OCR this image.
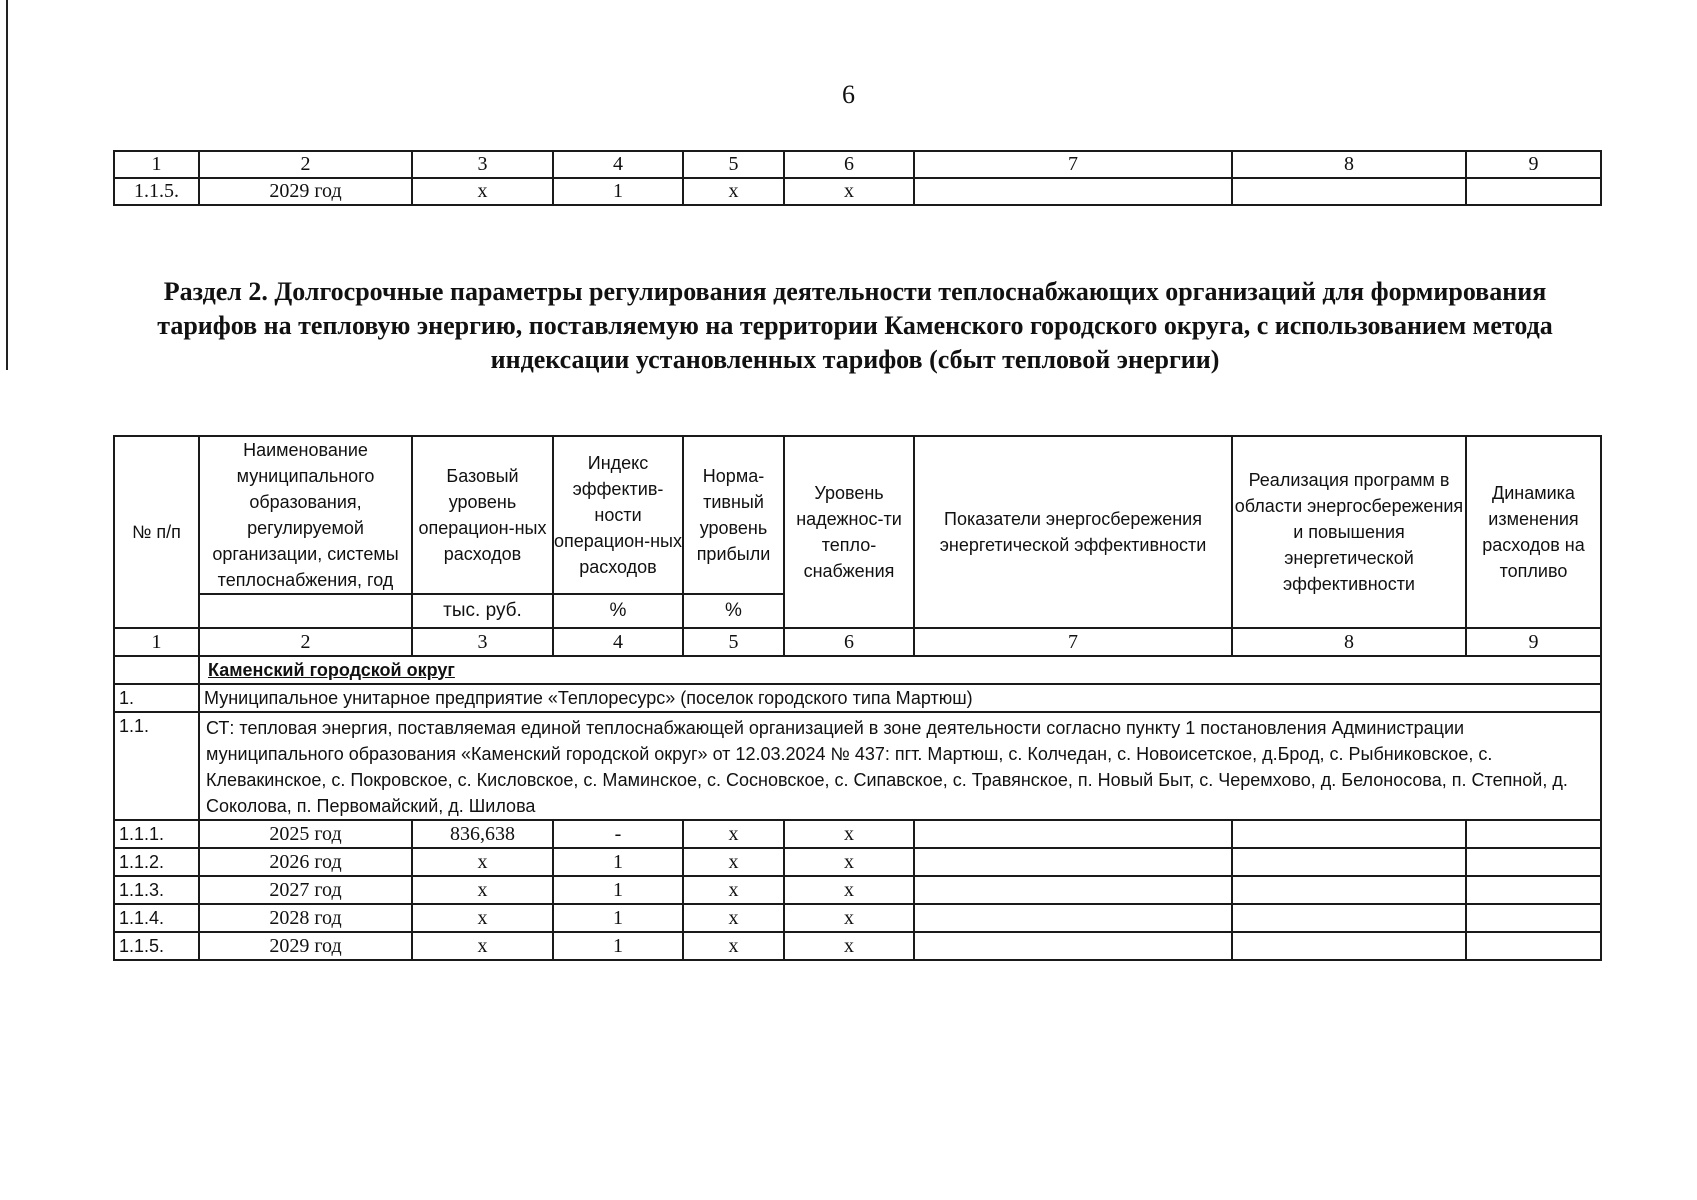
6
1	2	3	4	5	6	7	8	9
1.1.5.	2029 год	x	1	x	x			
Раздел 2. Долгосрочные параметры регулирования деятельности теплоснабжающих организаций для формирования тарифов на тепловую энергию, поставляемую на территории Каменского городского округа, с использованием метода индексации установленных тарифов (сбыт тепловой энергии)
№ п/п	Наименование муниципального образования, регулируемой организации, системы теплоснабжения, год	Базовый уровень операцион-ных расходов	Индекс эффектив-ности операцион-ных расходов	Норма-тивный уровень прибыли	Уровень надежнос-ти тепло-снабжения	Показатели энергосбережения энергетической эффективности	Реализация программ в области энергосбережения и повышения энергетической эффективности	Динамика изменения расходов на топливо
		тыс. руб.	%	%				
1	2	3	4	5	6	7	8	9
	Каменский городской округ							
1.	Муниципальное унитарное предприятие «Теплоресурс» (поселок городского типа Мартюш)							
1.1.	СТ: тепловая энергия, поставляемая единой теплоснабжающей организацией в зоне деятельности согласно пункту 1 постановления Администрации муниципального образования «Каменский городской округ» от 12.03.2024 № 437: пгт. Мартюш, с. Колчедан, с. Новоисетское, д.Брод, с. Рыбниковское, с. Клевакинское, с. Покровское, с. Кисловское, с. Маминское, с. Сосновское, с. Сипавское, с. Травянское, п. Новый Быт, с. Черемхово, д. Белоносова, п. Степной, д. Соколова, п. Первомайский, д. Шилова							
1.1.1.	2025 год	836,638	-	x	x			
1.1.2.	2026 год	x	1	x	x			
1.1.3.	2027 год	x	1	x	x			
1.1.4.	2028 год	x	1	x	x			
1.1.5.	2029 год	x	1	x	x			
